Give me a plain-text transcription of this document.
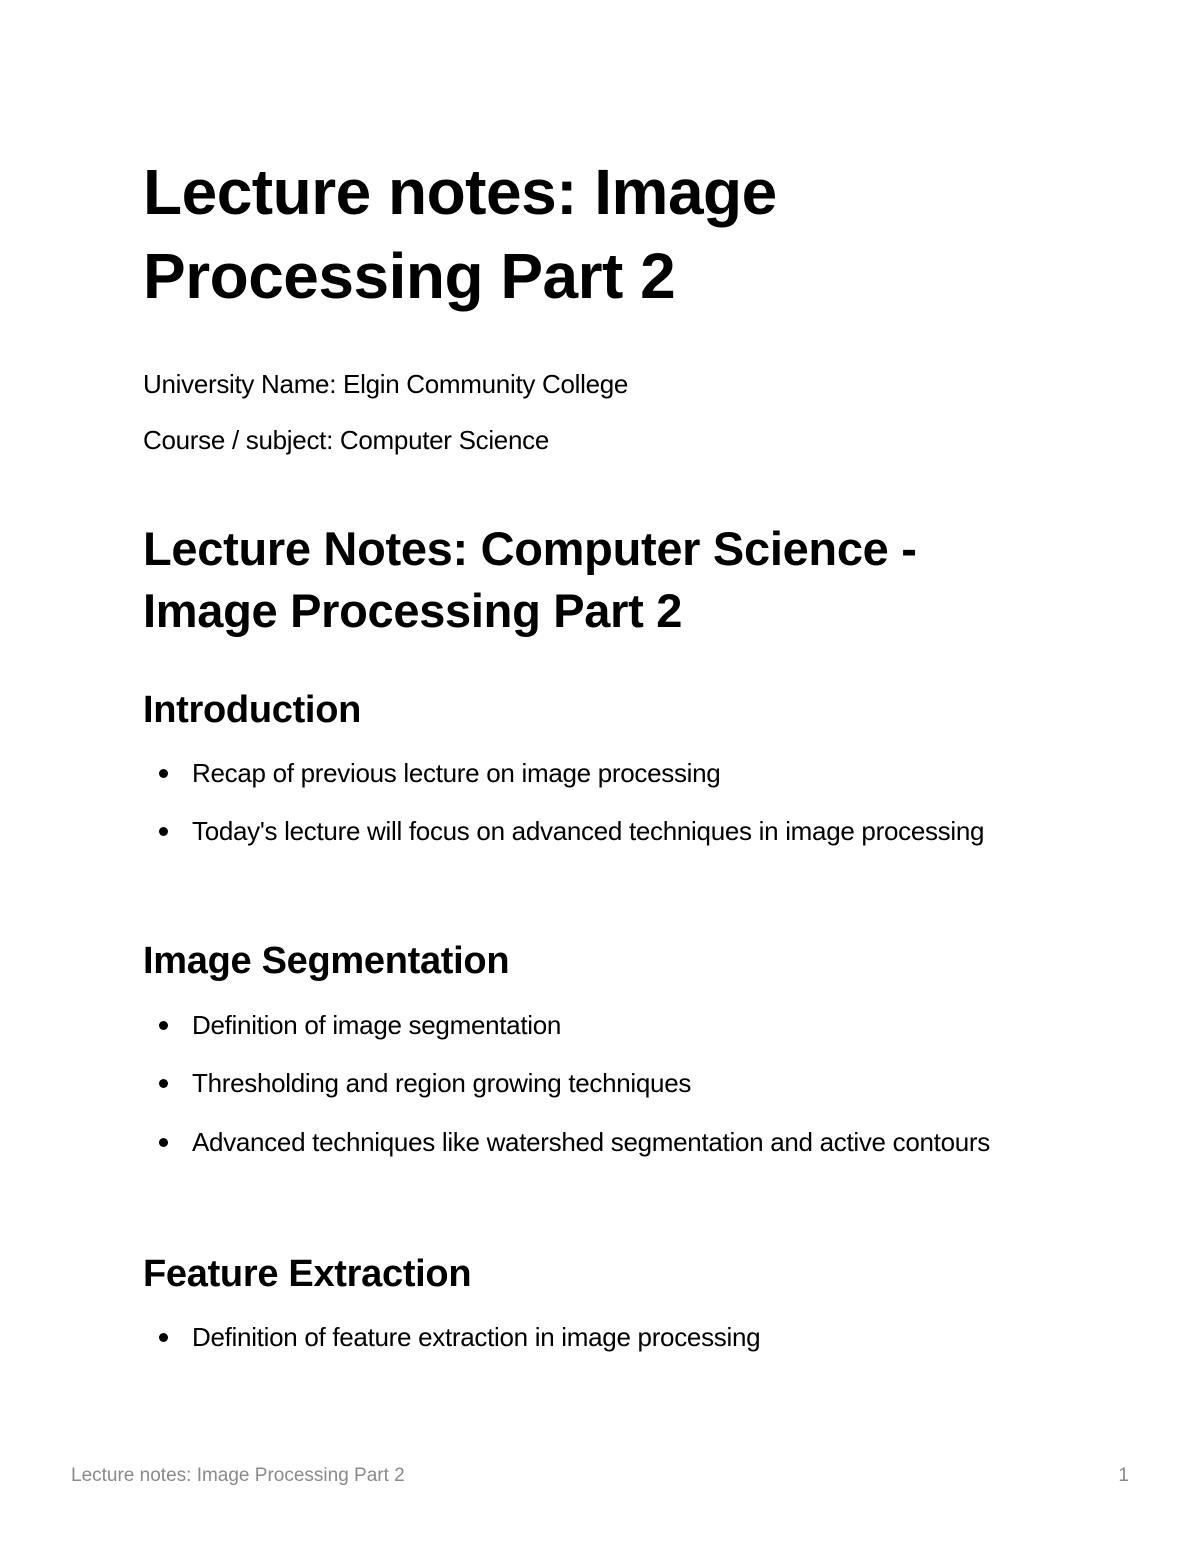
Lecture notes: Image Processing Part 2

University Name: Elgin Community College

Course / subject: Computer Science

Lecture Notes: Computer Science - Image Processing Part 2
Introduction
Recap of previous lecture on image processing
Today's lecture will focus on advanced techniques in image processing
Image Segmentation
Definition of image segmentation
Thresholding and region growing techniques
Advanced techniques like watershed segmentation and active contours
Feature Extraction
Definition of feature extraction in image processing
Lecture notes: Image Processing Part 2	1
